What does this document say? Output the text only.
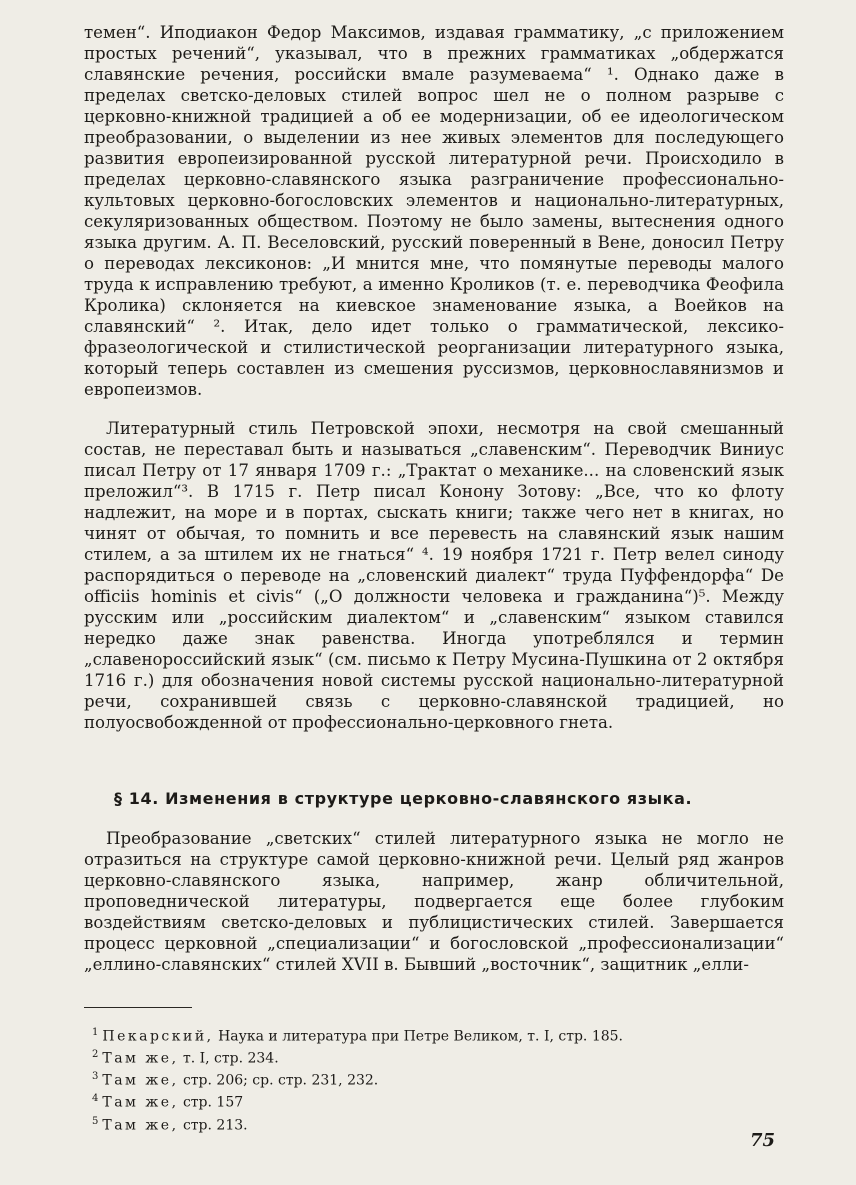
темен“. Иподиакон Федор Максимов, издавая грамматику, „с приложением простых речений“, указывал, что в прежних грамматиках „обдержатся славянские речения, российски вмале разумеваема“ ¹. Однако даже в пределах светско-деловых стилей вопрос шел не о полном разрыве с церковно-книжной традицией а об ее модернизации, об ее идеологическом преобразовании, о выделении из нее живых элементов для последующего развития европеизированной русской литературной речи. Происходило в пределах церковно-славянского языка разграничение профессионально-культовых церковно-богословских элементов и национально-литературных, секуляризованных обществом. Поэтому не было замены, вытеснения одного языка другим. А. П. Веселовский, русский поверенный в Вене, доносил Петру о переводах лексиконов: „И мнится мне, что помянутые переводы малого труда к исправлению требуют, а именно Кроликов (т. е. переводчика Феофила Кролика) склоняется на киевское знаменование языка, а Воейков на славянский“ ². Итак, дело идет только о грамматической, лексико-фразеологической и стилистической реорганизации литературного языка, который теперь составлен из смешения руссизмов, церковнославянизмов и европеизмов.

Литературный стиль Петровской эпохи, несмотря на свой смешанный состав, не переставал быть и называться „славенским“. Переводчик Виниус писал Петру от 17 января 1709 г.: „Трактат о механике... на словенский язык преложил“³. В 1715 г. Петр писал Конону Зотову: „Все, что ко флоту надлежит, на море и в портах, сыскать книги; также чего нет в книгах, но чинят от обычая, то помнить и все перевесть на славянский язык нашим стилем, а за штилем их не гнаться“ ⁴. 19 ноября 1721 г. Петр велел синоду распорядиться о переводе на „словенский диалект“ труда Пуффендорфа“ De officiis hominis et civis“ („О должности человека и гражданина“)⁵. Между русским или „российским диалектом“ и „славенским“ языком ставился нередко даже знак равенства. Иногда употреблялся и термин „славенороссийский язык“ (см. письмо к Петру Мусина-Пушкина от 2 октября 1716 г.) для обозначения новой системы русской национально-литературной речи, сохранившей связь с церковно-славянской традицией, но полуосвобожденной от профессионально-церковного гнета.

§ 14. Изменения в структуре церковно-славянского языка.

Преобразование „светских“ стилей литературного языка не могло не отразиться на структуре самой церковно-книжной речи. Целый ряд жанров церковно-славянского языка, например, жанр обличительной, проповеднической литературы, подвергается еще более глубоким воздействиям светско-деловых и публицистических стилей. Завершается процесс церковной „специализации“ и богословской „профессионализации“ „еллино-славянских“ стилей XVII в. Бывший „восточник“, защитник „елли-

$^1$ Пекарский, Наука и литература при Петре Великом, т. I, стр. 185.
$^2$ Там же, т. I, стр. 234.
$^3$ Там же, стр. 206; ср. стр. 231, 232.
$^4$ Там же, стр. 157
$^5$ Там же, стр. 213.
75
